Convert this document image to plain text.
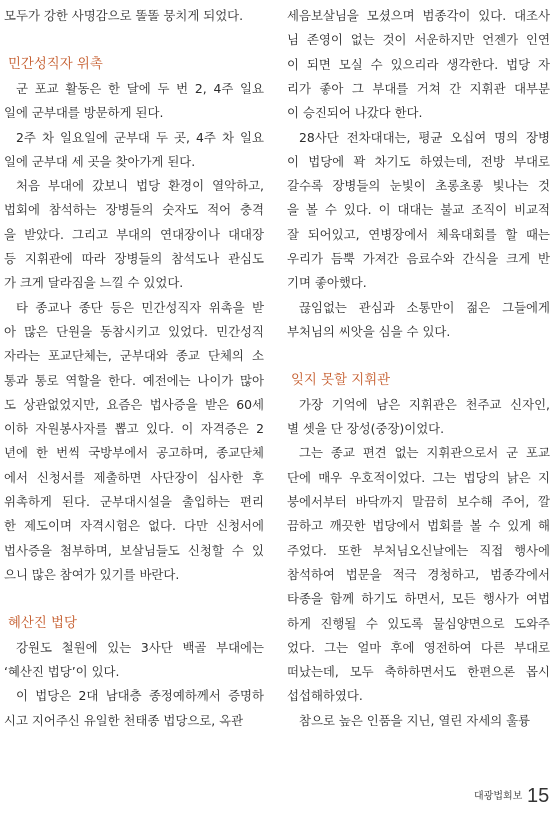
모두가 강한 사명감으로 똘똘 뭉치게 되었다.
민간성직자 위촉
군 포교 활동은 한 달에 두 번 2, 4주 일요
일에 군부대를 방문하게 된다.
2주 차 일요일에 군부대 두 곳, 4주 차 일요
일에 군부대 세 곳을 찾아가게 된다.
처음 부대에 갔보니 법당 환경이 열악하고,
법회에 참석하는 장병들의 숫자도 적어 충격
을 받았다. 그리고 부대의 연대장이나 대대장
등 지휘관에 따라 장병들의 참석도나 관심도
가 크게 달라짐을 느낄 수 있었다.
타 종교나 종단 등은 민간성직자 위촉을 받
아 많은 단원을 동참시키고 있었다. 민간성직
자라는 포교단체는, 군부대와 종교 단체의 소
통과 통로 역할을 한다. 예전에는 나이가 많아
도 상관없었지만, 요즘은 법사증을 받은 60세
이하 자원봉사자를 뽑고 있다. 이 자격증은 2
년에 한 번씩 국방부에서 공고하며, 종교단체
에서 신청서를 제출하면 사단장이 심사한 후
위촉하게 된다. 군부대시설을 출입하는 편리
한 제도이며 자격시험은 없다. 다만 신청서에
법사증을 첨부하며, 보살님들도 신청할 수 있
으니 많은 참여가 있기를 바란다.
혜산진 법당
강원도 철원에 있는 3사단 백골 부대에는
‘혜산진 법당’이 있다.
이 법당은 2대 남대층 종정예하께서 증명하
시고 지어주신 유일한 천태종 법당으로, 옥관
세음보살님을 모셨으며 범종각이 있다. 대조사
님 존영이 없는 것이 서운하지만 언젠가 인연
이 되면 모실 수 있으리라 생각한다. 법당 자
리가 좋아 그 부대를 거쳐 간 지휘관 대부분
이 승진되어 나갔다 한다.
28사단 전차대대는, 평균 오십여 명의 장병
이 법당에 꽉 차기도 하였는데, 전방 부대로
갈수록 장병들의 눈빛이 초롱초롱 빛나는 것
을 볼 수 있다. 이 대대는 불교 조직이 비교적
잘 되어있고, 연병장에서 체육대회를 할 때는
우리가 듬뿍 가져간 음료수와 간식을 크게 반
기며 좋아했다.
끊임없는 관심과 소통만이 젊은 그들에게
부처님의 씨앗을 심을 수 있다.
잊지 못할 지휘관
가장 기억에 남은 지휘관은 천주교 신자인,
별 셋을 단 장성(중장)이었다.
그는 종교 편견 없는 지휘관으로서 군 포교
단에 매우 우호적이었다. 그는 법당의 낡은 지
붕에서부터 바닥까지 말끔히 보수해 주어, 깔
끔하고 깨끗한 법당에서 법회를 볼 수 있게 해
주었다. 또한 부처님오신날에는 직접 행사에
참석하여 법문을 적극 경청하고, 범종각에서
타종을 함께 하기도 하면서, 모든 행사가 여법
하게 진행될 수 있도록 물심양면으로 도와주
었다. 그는 얼마 후에 영전하여 다른 부대로
떠났는데, 모두 축하하면서도 한편으론 몹시
섭섭해하였다.
참으로 높은 인품을 지닌, 열린 자세의 훌륭
대광법회보 15
